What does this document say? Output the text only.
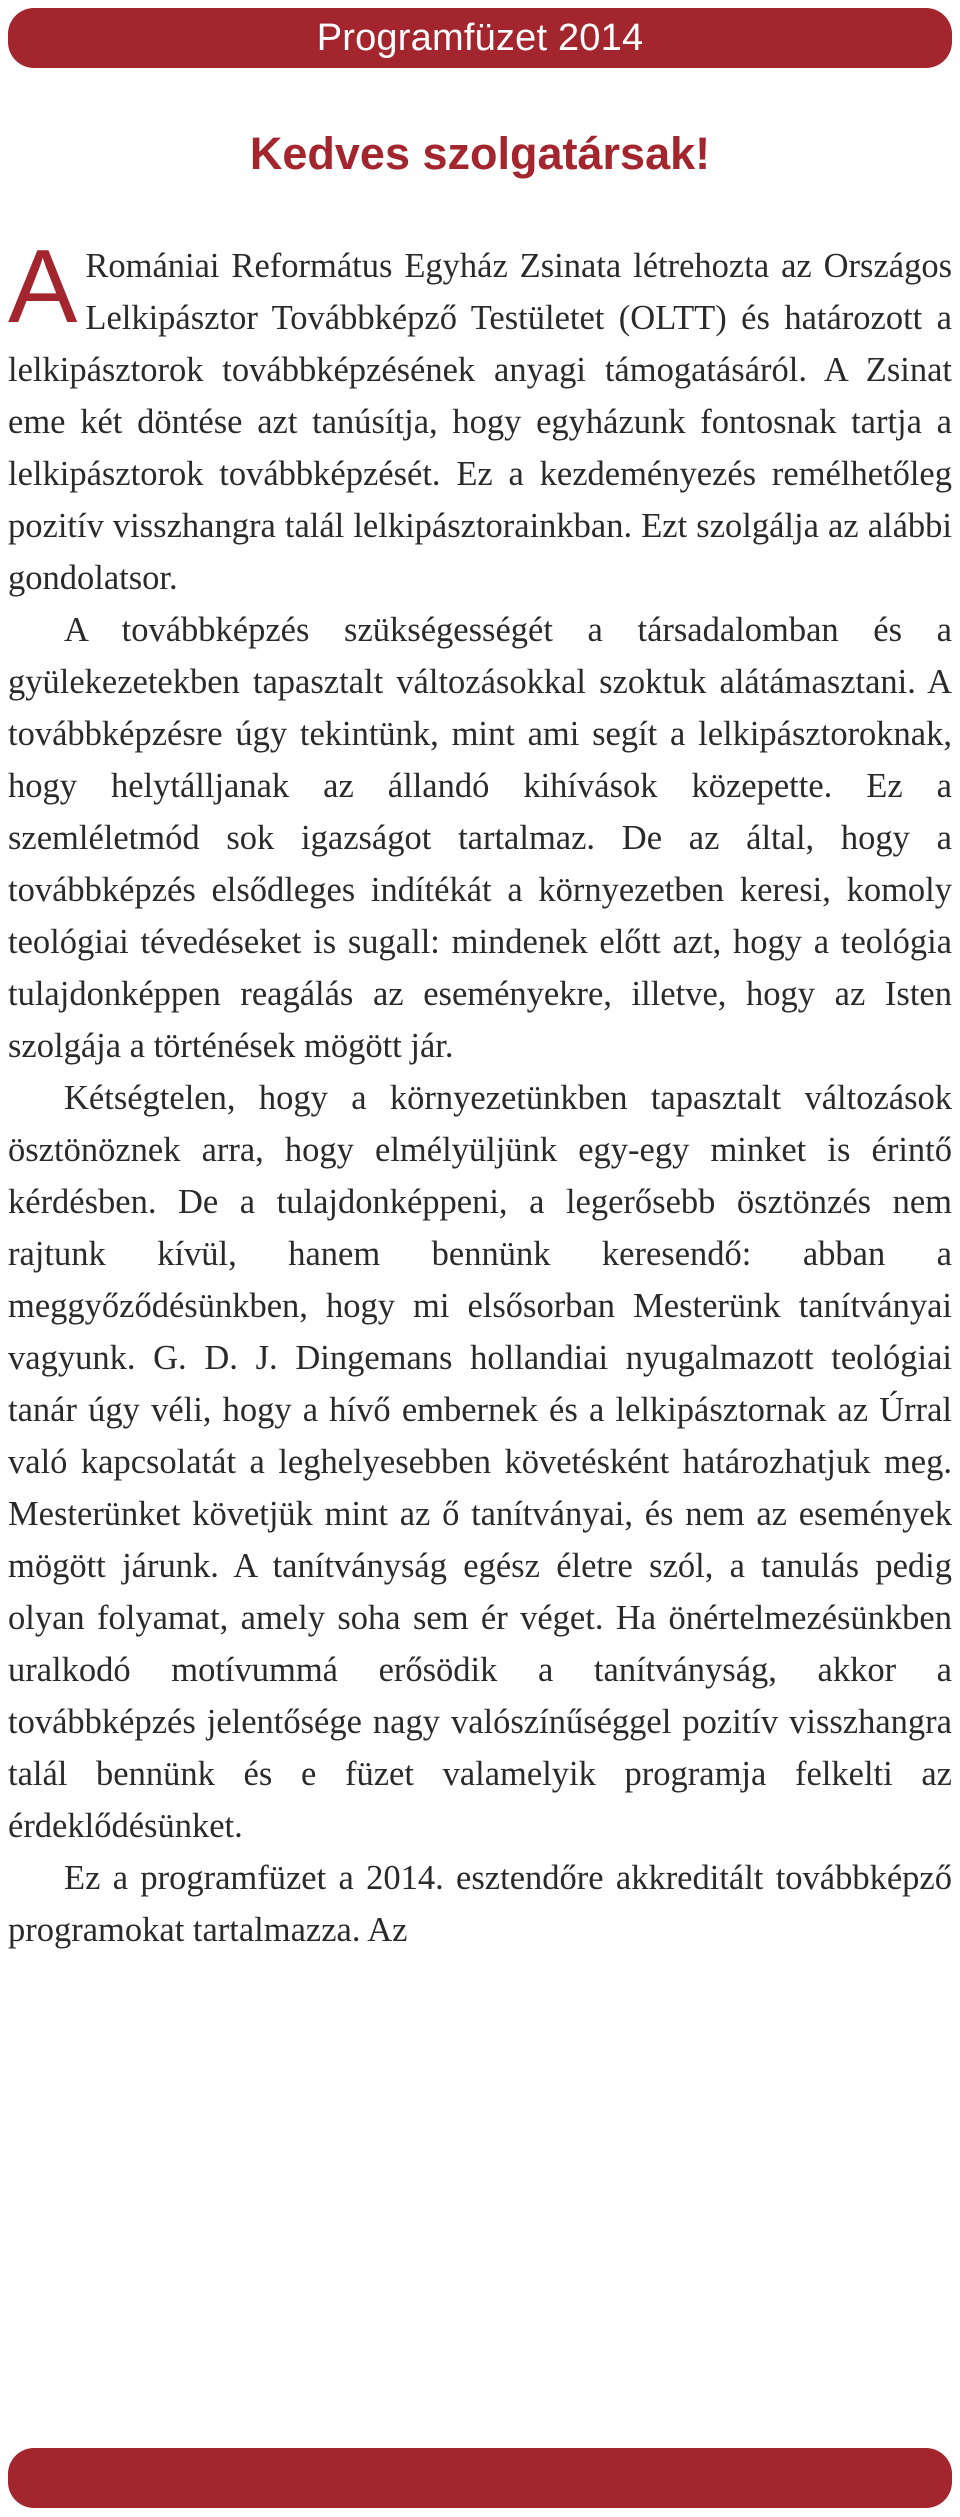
Programfüzet 2014
Kedves szolgatársak!

A Romániai Református Egyház Zsinata létrehozta az Országos Lelkipásztor Továbbképző Testületet (OLTT) és határozott a lelkipásztorok továbbképzésének anyagi támogatásáról. A Zsinat eme két döntése azt tanúsítja, hogy egyházunk fontosnak tartja a lelkipásztorok továbbképzését. Ez a kezdeményezés remélhetőleg pozitív visszhangra talál lelkipásztorainkban. Ezt szolgálja az alábbi gondolatsor.

A továbbképzés szükségességét a társadalomban és a gyülekezetekben tapasztalt változásokkal szoktuk alátámasztani. A továbbképzésre úgy tekintünk, mint ami segít a lelkipásztoroknak, hogy helytálljanak az állandó kihívások közepette. Ez a szemléletmód sok igazságot tartalmaz. De az által, hogy a továbbképzés elsődleges indítékát a környezetben keresi, komoly teológiai tévedéseket is sugall: mindenek előtt azt, hogy a teológia tulajdonképpen reagálás az eseményekre, illetve, hogy az Isten szolgája a történések mögött jár.

Kétségtelen, hogy a környezetünkben tapasztalt változások ösztönöznek arra, hogy elmélyüljünk egy-egy minket is érintő kérdésben. De a tulajdonképpeni, a legerősebb ösztönzés nem rajtunk kívül, hanem bennünk keresendő: abban a meggyőződésünkben, hogy mi elsősorban Mesterünk tanítványai vagyunk. G. D. J. Dingemans hollandiai nyugalmazott teológiai tanár úgy véli, hogy a hívő embernek és a lelkipásztornak az Úrral való kapcsolatát a leghelyesebben követésként határozhatjuk meg. Mesterünket követjük mint az ő tanítványai, és nem az események mögött járunk. A tanítványság egész életre szól, a tanulás pedig olyan folyamat, amely soha sem ér véget. Ha önértelmezésünkben uralkodó motívummá erősödik a tanítványság, akkor a továbbképzés jelentősége nagy valószínűséggel pozitív visszhangra talál bennünk és e füzet valamelyik programja felkelti az érdeklődésünket.

Ez a programfüzet a 2014. esztendőre akkreditált továbbképző programokat tartalmazza. Az
